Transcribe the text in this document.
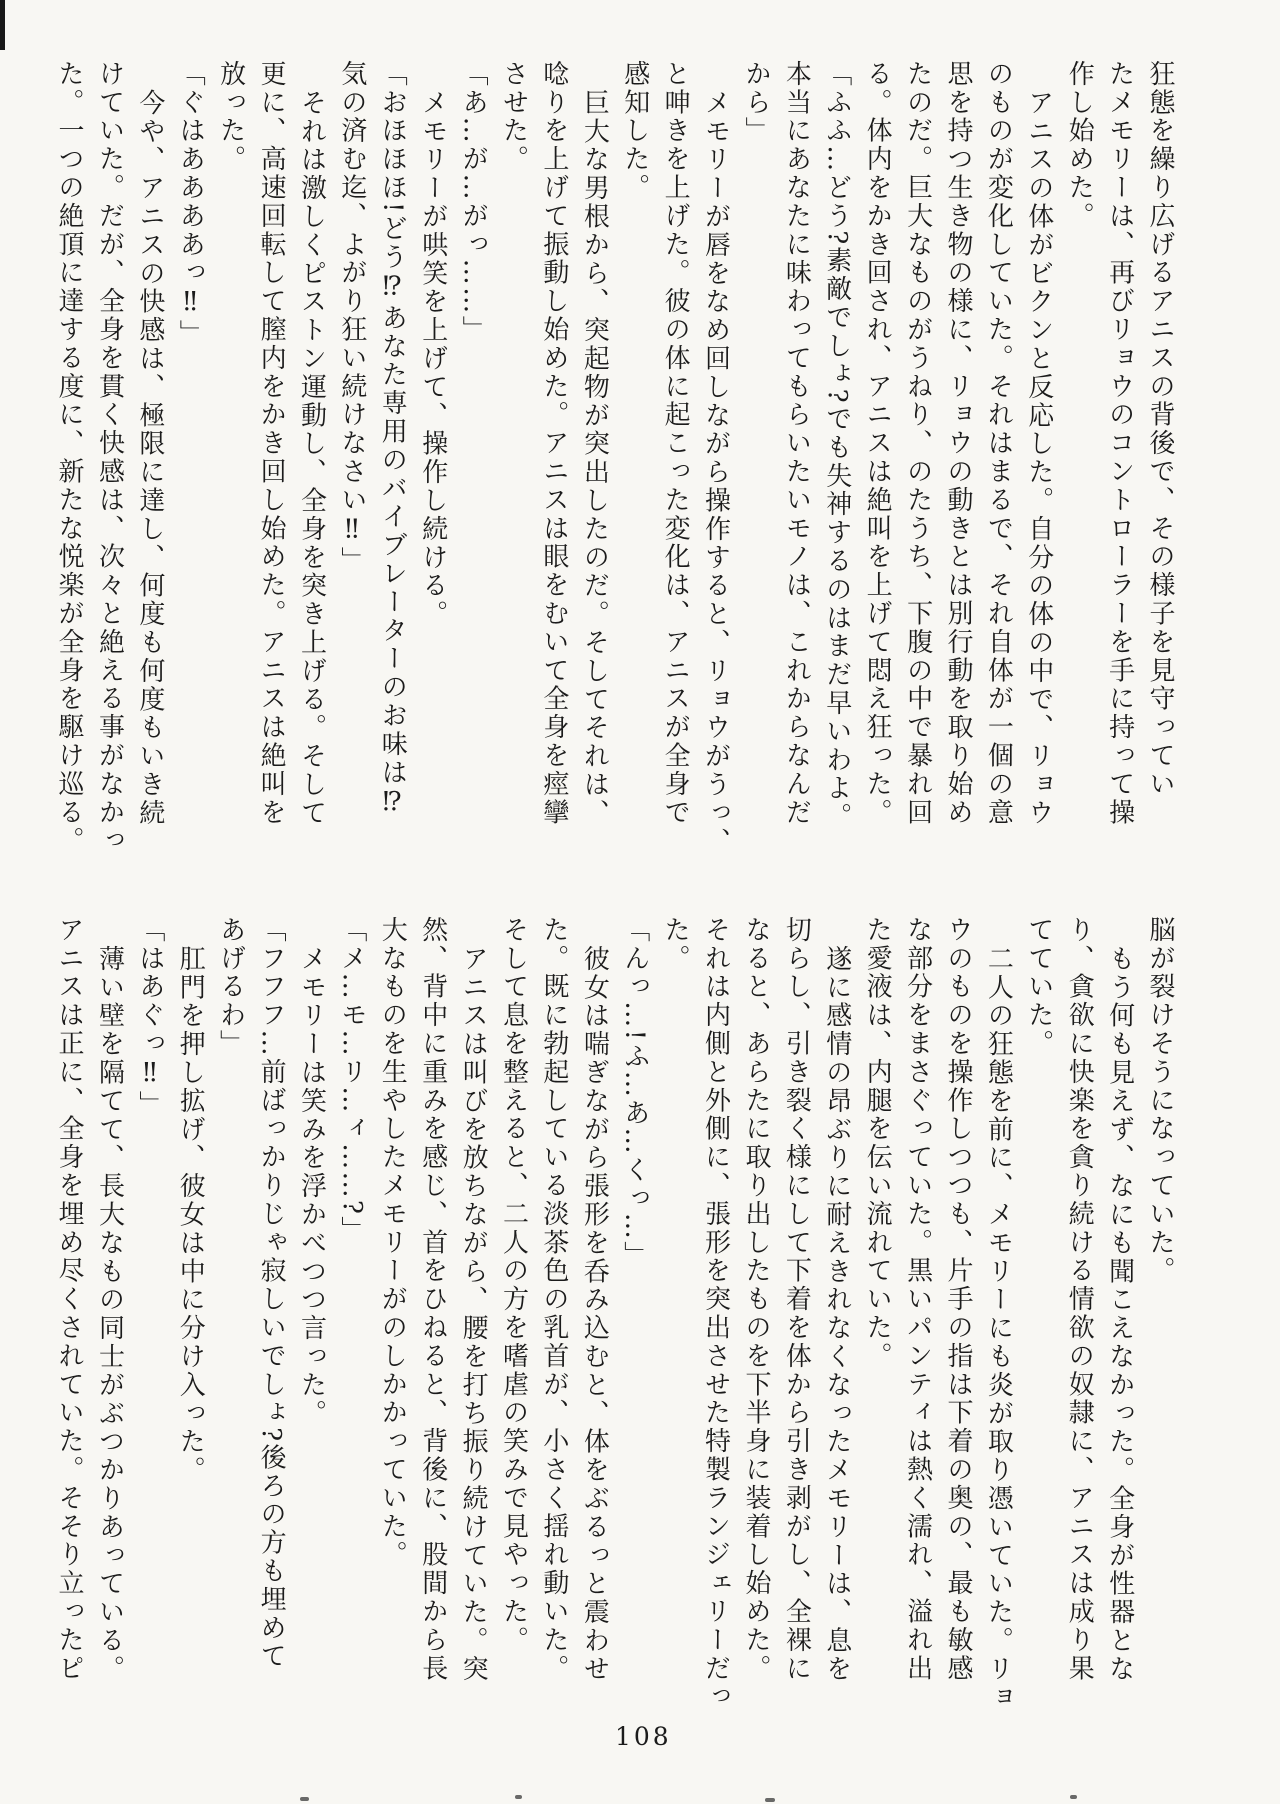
狂態を繰り広げるアニスの背後で、その様子を見守ってい
たメモリーは、再びリョウのコントローラーを手に持って操
作し始めた。
アニスの体がビクンと反応した。自分の体の中で、リョウ
のものが変化していた。それはまるで、それ自体が一個の意
思を持つ生き物の様に、リョウの動きとは別行動を取り始め
たのだ。巨大なものがうねり、のたうち、下腹の中で暴れ回
る。体内をかき回され、アニスは絶叫を上げて悶え狂った。
「ふふ…どう?素敵でしょ?でも失神するのはまだ早いわよ。
本当にあなたに味わってもらいたいモノは、これからなんだ
から」
メモリーが唇をなめ回しながら操作すると、リョウがうっ、
と呻きを上げた。彼の体に起こった変化は、アニスが全身で
感知した。
巨大な男根から、突起物が突出したのだ。そしてそれは、
唸りを上げて振動し始めた。アニスは眼をむいて全身を痙攣
させた。
「あ…が…がっ……」
メモリーが哄笑を上げて、操作し続ける。
「おほほほ!どう⁉あなた専用のバイブレーターのお味は⁉
気の済む迄、よがり狂い続けなさい‼」
それは激しくピストン運動し、全身を突き上げる。そして
更に、高速回転して膣内をかき回し始めた。アニスは絶叫を
放った。
「ぐはああああっ‼」
今や、アニスの快感は、極限に達し、何度も何度もいき続
けていた。だが、全身を貫く快感は、次々と絶える事がなかっ
た。一つの絶頂に達する度に、新たな悦楽が全身を駆け巡る。
脳が裂けそうになっていた。
もう何も見えず、なにも聞こえなかった。全身が性器とな
り、貪欲に快楽を貪り続ける情欲の奴隷に、アニスは成り果
てていた。
二人の狂態を前に、メモリーにも炎が取り憑いていた。リョ
ウのものを操作しつつも、片手の指は下着の奥の、最も敏感
な部分をまさぐっていた。黒いパンティは熱く濡れ、溢れ出
た愛液は、内腿を伝い流れていた。
遂に感情の昂ぶりに耐えきれなくなったメモリーは、息を
切らし、引き裂く様にして下着を体から引き剥がし、全裸に
なると、あらたに取り出したものを下半身に装着し始めた。
それは内側と外側に、張形を突出させた特製ランジェリーだっ
た。
「んっ…!ふ…あ…くっ…」
彼女は喘ぎながら張形を呑み込むと、体をぶるっと震わせ
た。既に勃起している淡茶色の乳首が、小さく揺れ動いた。
そして息を整えると、二人の方を嗜虐の笑みで見やった。
アニスは叫びを放ちながら、腰を打ち振り続けていた。突
然、背中に重みを感じ、首をひねると、背後に、股間から長
大なものを生やしたメモリーがのしかかっていた。
「メ…モ…リ…ィ……?」
メモリーは笑みを浮かべつつ言った。
「フフフ…前ばっかりじゃ寂しいでしょ?後ろの方も埋めて
あげるわ」
肛門を押し拡げ、彼女は中に分け入った。
「はあぐっ‼」
薄い壁を隔てて、長大なもの同士がぶつかりあっている。
アニスは正に、全身を埋め尽くされていた。そそり立ったピ
108
